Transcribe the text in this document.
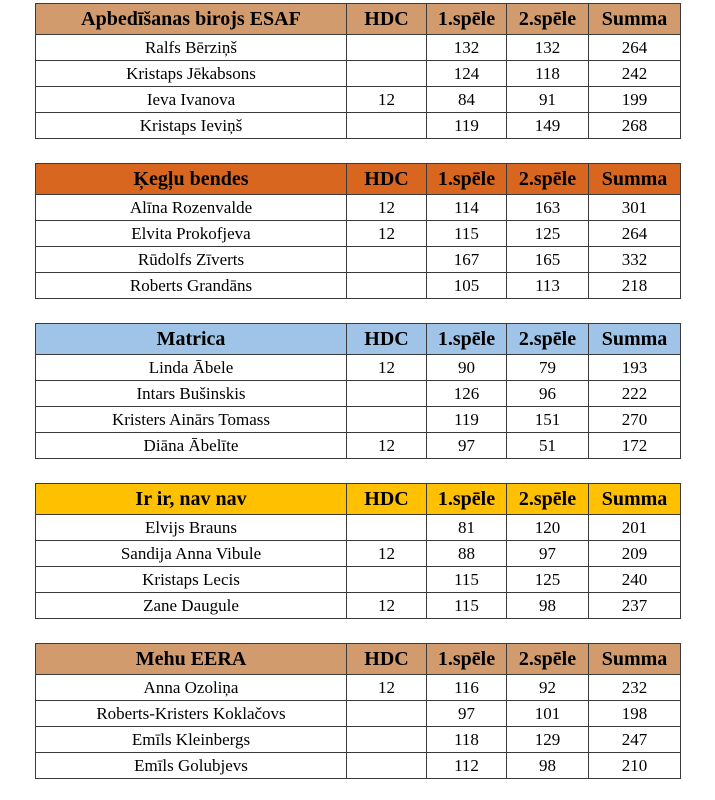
Apbedīšanas birojs ESAF	HDC	1.spēle	2.spēle	Summa
Ralfs Bērziņš		132	132	264
Kristaps Jēkabsons		124	118	242
Ieva Ivanova	12	84	91	199
Kristaps Ieviņš		119	149	268
Ķegļu bendes	HDC	1.spēle	2.spēle	Summa
Alīna Rozenvalde	12	114	163	301
Elvita Prokofjeva	12	115	125	264
Rūdolfs Zīverts		167	165	332
Roberts Grandāns		105	113	218
Matrica	HDC	1.spēle	2.spēle	Summa
Linda Ābele	12	90	79	193
Intars Bušinskis		126	96	222
Kristers Ainārs Tomass		119	151	270
Diāna Ābelīte	12	97	51	172
Ir ir, nav nav	HDC	1.spēle	2.spēle	Summa
Elvijs Brauns		81	120	201
Sandija Anna Vibule	12	88	97	209
Kristaps Lecis		115	125	240
Zane Daugule	12	115	98	237
Mehu EERA	HDC	1.spēle	2.spēle	Summa
Anna Ozoliņa	12	116	92	232
Roberts-Kristers Koklačovs		97	101	198
Emīls Kleinbergs		118	129	247
Emīls Golubjevs		112	98	210
